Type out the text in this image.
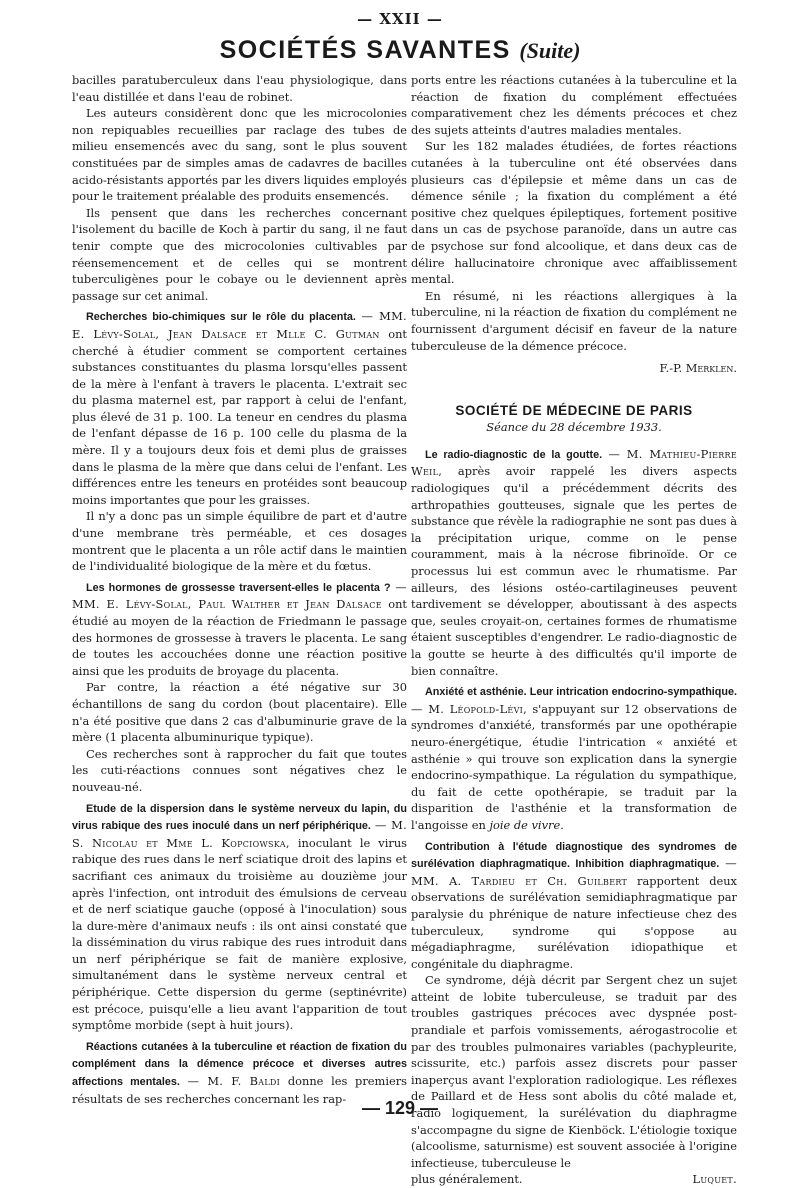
— XXII —
SOCIÉTÉS SAVANTES (Suite)

bacilles paratuberculeux dans l'eau physiologique, dans l'eau distillée et dans l'eau de robinet.

Les auteurs considèrent donc que les microcolonies non repiquables recueillies par raclage des tubes de milieu ensemencés avec du sang, sont le plus souvent constituées par de simples amas de cadavres de bacilles acido-résistants apportés par les divers liquides employés pour le traitement préalable des produits ensemencés.

Ils pensent que dans les recherches concernant l'isolement du bacille de Koch à partir du sang, il ne faut tenir compte que des microcolonies cultivables par réensemencement et de celles qui se montrent tuberculigènes pour le cobaye ou le deviennent après passage sur cet animal.

Recherches bio-chimiques sur le rôle du placenta. — MM. E. Lévy-Solal, Jean Dalsace et Mlle C. Gutman ont cherché à étudier comment se comportent certaines substances constituantes du plasma lorsqu'elles passent de la mère à l'enfant à travers le placenta. L'extrait sec du plasma maternel est, par rapport à celui de l'enfant, plus élevé de 31 p. 100. La teneur en cendres du plasma de l'enfant dépasse de 16 p. 100 celle du plasma de la mère. Il y a toujours deux fois et demi plus de graisses dans le plasma de la mère que dans celui de l'enfant. Les différences entre les teneurs en protéides sont beaucoup moins importantes que pour les graisses.

Il n'y a donc pas un simple équilibre de part et d'autre d'une membrane très perméable, et ces dosages montrent que le placenta a un rôle actif dans le maintien de l'individualité biologique de la mère et du fœtus.

Les hormones de grossesse traversent-elles le placenta ? — MM. E. Lévy-Solal, Paul Walther et Jean Dalsace ont étudié au moyen de la réaction de Friedmann le passage des hormones de grossesse à travers le placenta. Le sang de toutes les accouchées donne une réaction positive ainsi que les produits de broyage du placenta.

Par contre, la réaction a été négative sur 30 échantillons de sang du cordon (bout placentaire). Elle n'a été positive que dans 2 cas d'albuminurie grave de la mère (1 placenta albuminurique typique).

Ces recherches sont à rapprocher du fait que toutes les cuti-réactions connues sont négatives chez le nouveau-né.

Etude de la dispersion dans le système nerveux du lapin, du virus rabique des rues inoculé dans un nerf périphérique. — M. S. Nicolau et Mme L. Kopciowska, inoculant le virus rabique des rues dans le nerf sciatique droit des lapins et sacrifiant ces animaux du troisième au douzième jour après l'infection, ont introduit des émulsions de cerveau et de nerf sciatique gauche (opposé à l'inoculation) sous la dure-mère d'animaux neufs : ils ont ainsi constaté que la dissémination du virus rabique des rues introduit dans un nerf périphérique se fait de manière explosive, simultanément dans le système nerveux central et périphérique. Cette dispersion du germe (septinévrite) est précoce, puisqu'elle a lieu avant l'apparition de tout symptôme morbide (sept à huit jours).

Réactions cutanées à la tuberculine et réaction de fixation du complément dans la démence précoce et diverses autres affections mentales. — M. F. Baldi donne les premiers résultats de ses recherches concernant les rap-

ports entre les réactions cutanées à la tuberculine et la réaction de fixation du complément effectuées comparativement chez les déments précoces et chez des sujets atteints d'autres maladies mentales.

Sur les 182 malades étudiées, de fortes réactions cutanées à la tuberculine ont été observées dans plusieurs cas d'épilepsie et même dans un cas de démence sénile ; la fixation du complément a été positive chez quelques épileptiques, fortement positive dans un cas de psychose paranoïde, dans un autre cas de psychose sur fond alcoolique, et dans deux cas de délire hallucinatoire chronique avec affaiblissement mental.

En résumé, ni les réactions allergiques à la tuberculine, ni la réaction de fixation du complément ne fournissent d'argument décisif en faveur de la nature tuberculeuse de la démence précoce.

F.-P. Merklen.
SOCIÉTÉ DE MÉDECINE DE PARIS
Séance du 28 décembre 1933.

Le radio-diagnostic de la goutte. — M. Mathieu-Pierre Weil, après avoir rappelé les divers aspects radiologiques qu'il a précédemment décrits des arthropathies goutteuses, signale que les pertes de substance que révèle la radiographie ne sont pas dues à la précipitation urique, comme on le pense couramment, mais à la nécrose fibrinoïde. Or ce processus lui est commun avec le rhumatisme. Par ailleurs, des lésions ostéo-cartilagineuses peuvent tardivement se développer, aboutissant à des aspects que, seules croyait-on, certaines formes de rhumatisme étaient susceptibles d'engendrer. Le radio-diagnostic de la goutte se heurte à des difficultés qu'il importe de bien connaître.

Anxiété et asthénie. Leur intrication endocrino-sympathique. — M. Léopold-Lévi, s'appuyant sur 12 observations de syndromes d'anxiété, transformés par une opothérapie neuro-énergétique, étudie l'intrication « anxiété et asthénie » qui trouve son explication dans la synergie endocrino-sympathique. La régulation du sympathique, du fait de cette opothérapie, se traduit par la disparition de l'asthénie et la transformation de l'angoisse en joie de vivre.

Contribution à l'étude diagnostique des syndromes de surélévation diaphragmatique. Inhibition diaphragmatique. — MM. A. Tardieu et Ch. Guilbert rapportent deux observations de surélévation semidiaphragmatique par paralysie du phrénique de nature infectieuse chez des tuberculeux, syndrome qui s'oppose au mégadiaphragme, surélévation idiopathique et congénitale du diaphragme.

Ce syndrome, déjà décrit par Sergent chez un sujet atteint de lobite tuberculeuse, se traduit par des troubles gastriques précoces avec dyspnée post-prandiale et parfois vomissements, aérogastrocolie et par des troubles pulmonaires variables (pachypleurite, scissurite, etc.) parfois assez discrets pour passer inaperçus avant l'exploration radiologique. Les réflexes de Paillard et de Hess sont abolis du côté malade et, radio logiquement, la surélévation du diaphragme s'accompagne du signe de Kienböck. L'étiologie toxique (alcoolisme, saturnisme) est souvent associée à l'origine infectieuse, tuberculeuse le

plus généralement.	Luquet.
— 129 —
